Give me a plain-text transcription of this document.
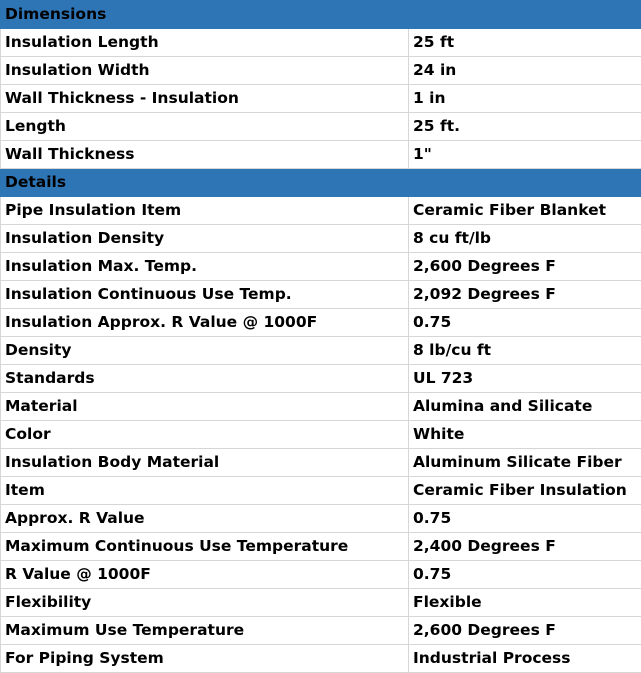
Dimensions	
Insulation Length	25 ft
Insulation Width	24 in
Wall Thickness - Insulation	1 in
Length	25 ft.
Wall Thickness	1"
Details	
Pipe Insulation Item	Ceramic Fiber Blanket
Insulation Density	8 cu ft/lb
Insulation Max. Temp.	2,600 Degrees F
Insulation Continuous Use Temp.	2,092 Degrees F
Insulation Approx. R Value @ 1000F	0.75
Density	8 lb/cu ft
Standards	UL 723
Material	Alumina and Silicate
Color	White
Insulation Body Material	Aluminum Silicate Fiber
Item	Ceramic Fiber Insulation
Approx. R Value	0.75
Maximum Continuous Use Temperature	2,400 Degrees F
R Value @ 1000F	0.75
Flexibility	Flexible
Maximum Use Temperature	2,600 Degrees F
For Piping System	Industrial Process
